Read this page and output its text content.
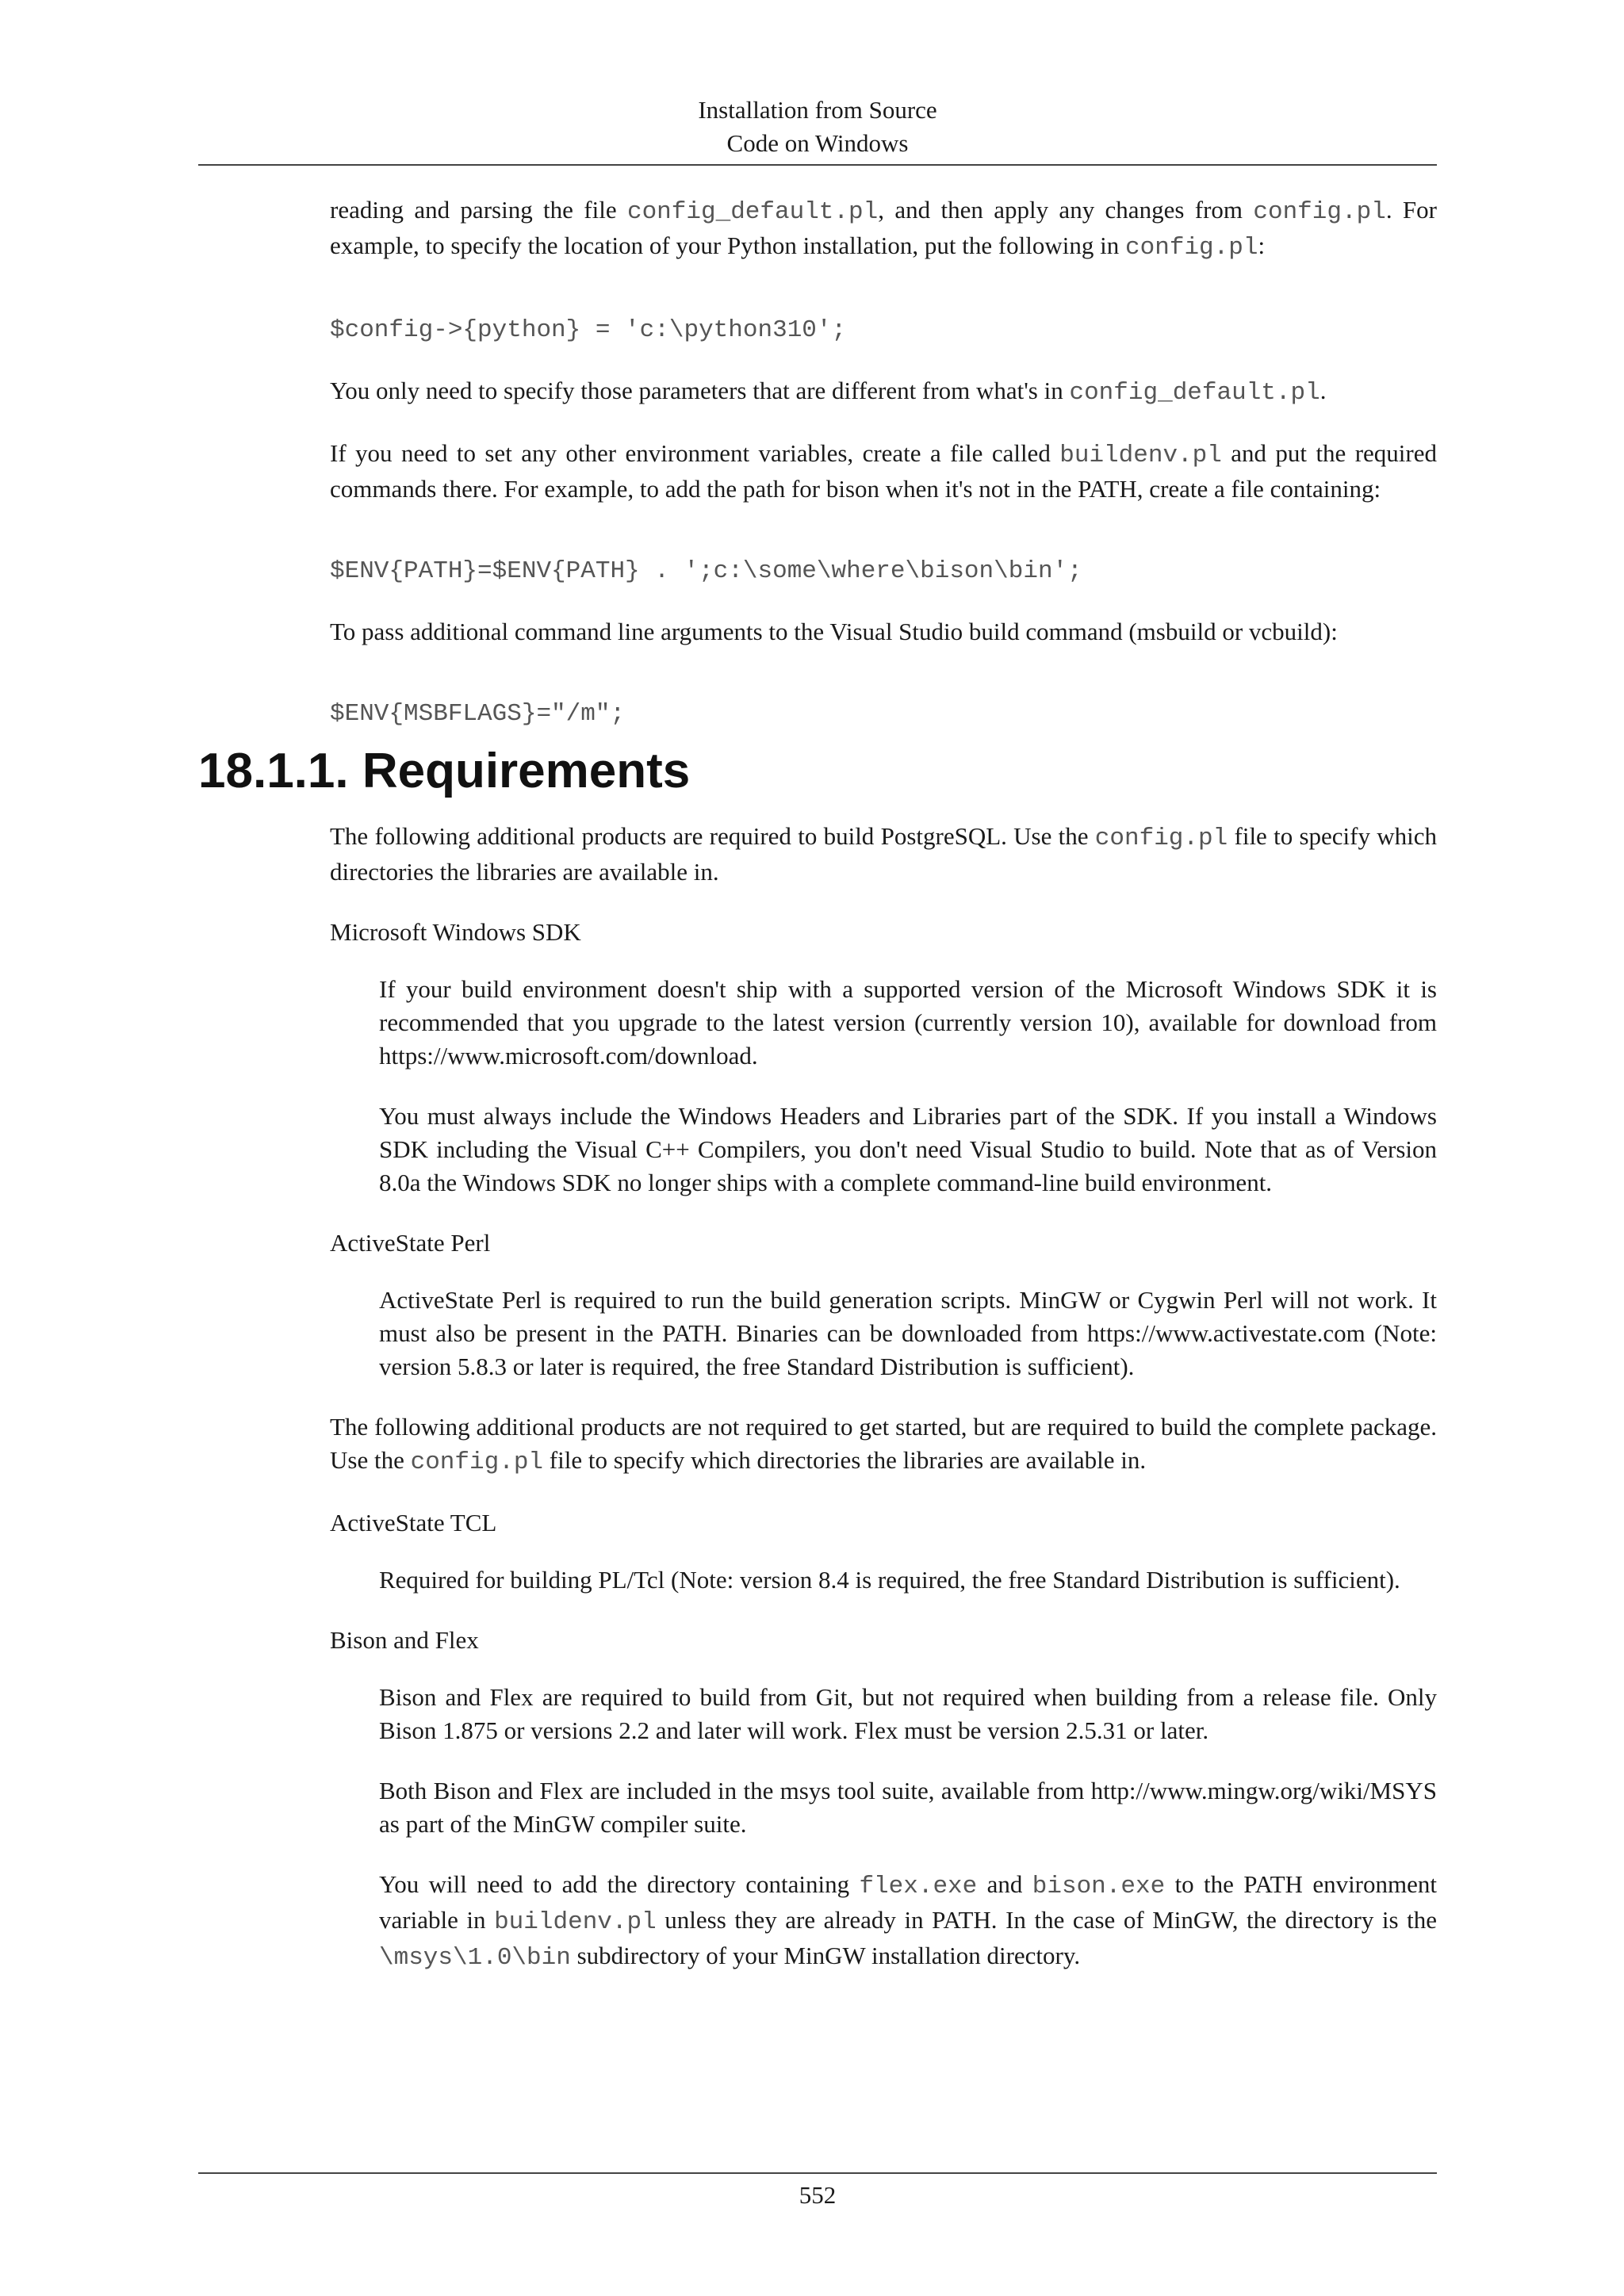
Installation from Source
Code on Windows

reading and parsing the file config_default.pl, and then apply any changes from config.pl. For example, to specify the location of your Python installation, put the following in config.pl:

$config->{python} = 'c:\python310';

You only need to specify those parameters that are different from what's in config_default.pl.

If you need to set any other environment variables, create a file called buildenv.pl and put the required commands there. For example, to add the path for bison when it's not in the PATH, create a file containing:

$ENV{PATH}=$ENV{PATH} . ';c:\some\where\bison\bin';

To pass additional command line arguments to the Visual Studio build command (msbuild or vcbuild):

$ENV{MSBFLAGS}="/m";
18.1.1. Requirements

The following additional products are required to build PostgreSQL. Use the config.pl file to specify which directories the libraries are available in.

Microsoft Windows SDK

If your build environment doesn't ship with a supported version of the Microsoft Windows SDK it is recommended that you upgrade to the latest version (currently version 10), available for download from https://www.microsoft.com/download.

You must always include the Windows Headers and Libraries part of the SDK. If you install a Windows SDK including the Visual C++ Compilers, you don't need Visual Studio to build. Note that as of Version 8.0a the Windows SDK no longer ships with a complete command-line build environment.

ActiveState Perl

ActiveState Perl is required to run the build generation scripts. MinGW or Cygwin Perl will not work. It must also be present in the PATH. Binaries can be downloaded from https://www.activestate.com (Note: version 5.8.3 or later is required, the free Standard Distribution is sufficient).

The following additional products are not required to get started, but are required to build the complete package. Use the config.pl file to specify which directories the libraries are available in.

ActiveState TCL

Required for building PL/Tcl (Note: version 8.4 is required, the free Standard Distribution is sufficient).

Bison and Flex

Bison and Flex are required to build from Git, but not required when building from a release file. Only Bison 1.875 or versions 2.2 and later will work. Flex must be version 2.5.31 or later.

Both Bison and Flex are included in the msys tool suite, available from http://www.mingw.org/wiki/MSYS as part of the MinGW compiler suite.

You will need to add the directory containing flex.exe and bison.exe to the PATH environment variable in buildenv.pl unless they are already in PATH. In the case of MinGW, the directory is the \msys\1.0\bin subdirectory of your MinGW installation directory.

552
